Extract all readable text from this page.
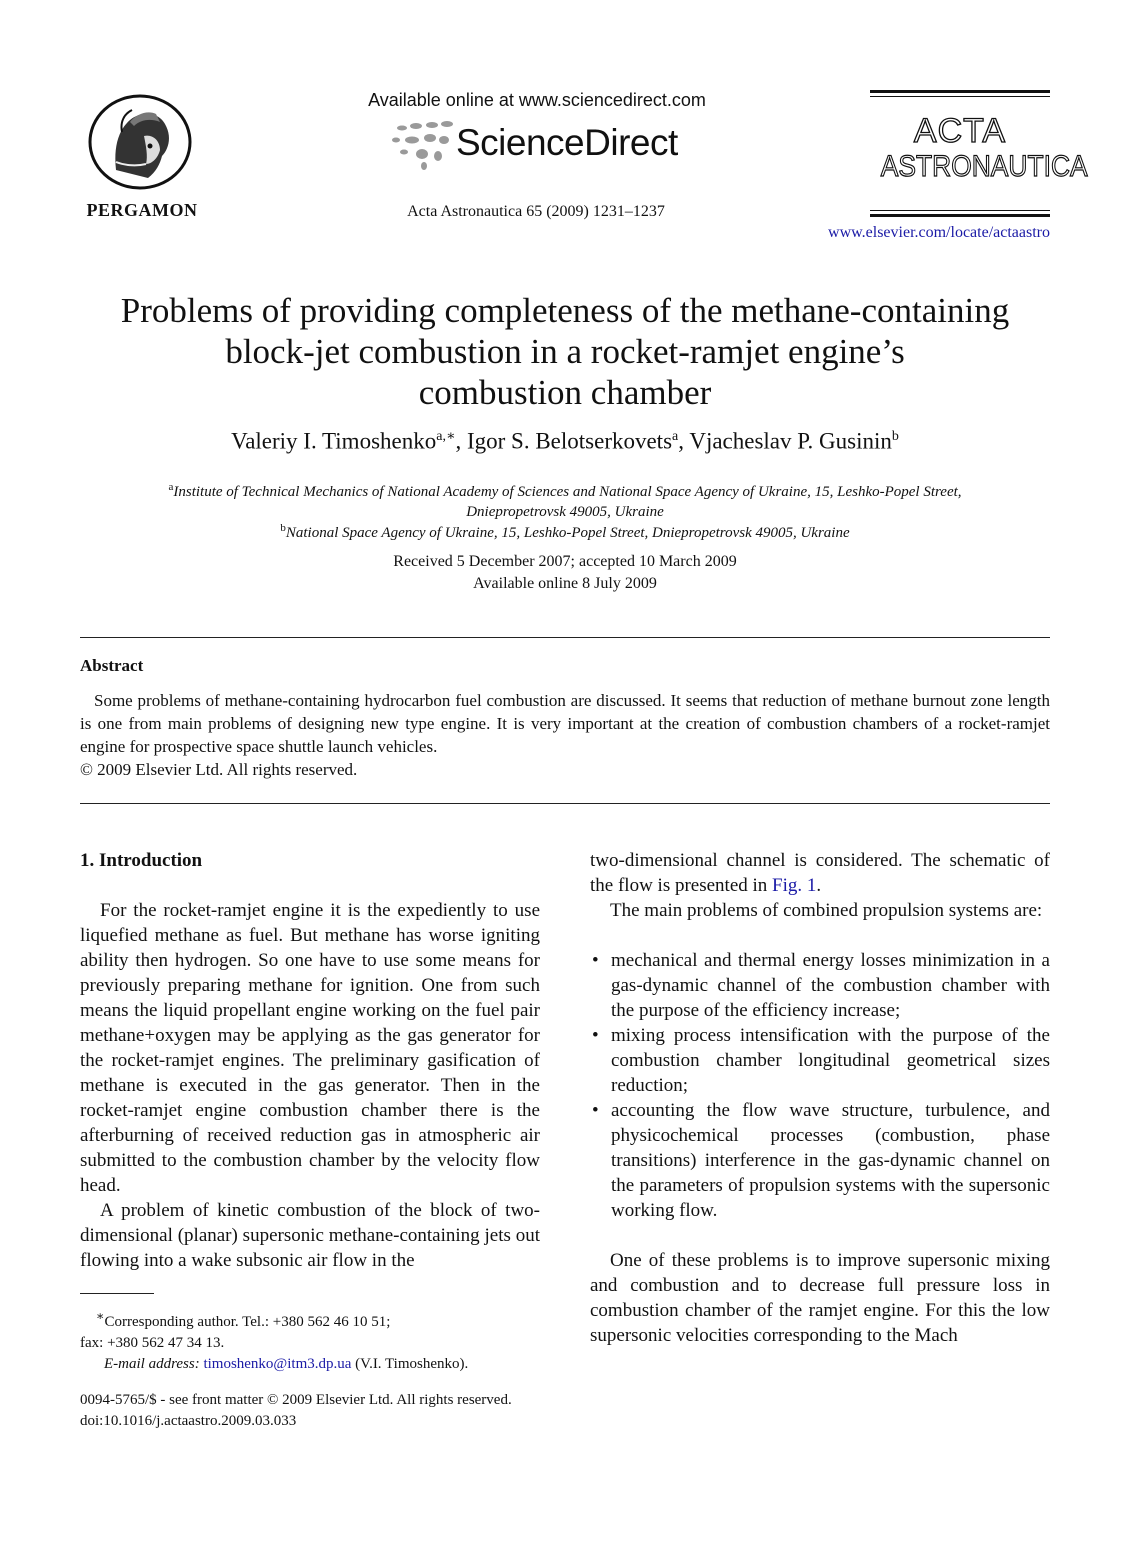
PERGAMON
Available online at www.sciencedirect.com
ScienceDirect
Acta Astronautica 65 (2009) 1231–1237
ACTA
ASTRONAUTICA
www.elsevier.com/locate/actaastro
Problems of providing completeness of the methane-containing
block-jet combustion in a rocket-ramjet engine’s
combustion chamber
Valeriy I. Timoshenko$^{a,∗}$, Igor S. Belotserkovets$^a$, Vjacheslav P. Gusinin$^b$
$^a$Institute of Technical Mechanics of National Academy of Sciences and National Space Agency of Ukraine, 15, Leshko-Popel Street,
Dniepropetrovsk 49005, Ukraine
$^b$National Space Agency of Ukraine, 15, Leshko-Popel Street, Dniepropetrovsk 49005, Ukraine
Received 5 December 2007; accepted 10 March 2009
Available online 8 July 2009
Abstract
Some problems of methane-containing hydrocarbon fuel combustion are discussed. It seems that reduction of methane burnout zone length is one from main problems of designing new type engine. It is very important at the creation of combustion chambers of a rocket-ramjet engine for prospective space shuttle launch vehicles.
© 2009 Elsevier Ltd. All rights reserved.

1. Introduction

For the rocket-ramjet engine it is the expediently to use liquefied methane as fuel. But methane has worse igniting ability then hydrogen. So one have to use some means for previously preparing methane for ignition. One from such means the liquid propellant engine working on the fuel pair methane+oxygen may be applying as the gas generator for the rocket-ramjet engines. The preliminary gasification of methane is executed in the gas generator. Then in the rocket-ramjet engine combustion chamber there is the afterburning of received reduction gas in atmospheric air submitted to the combustion chamber by the velocity flow head.

A problem of kinetic combustion of the block of two-dimensional (planar) supersonic methane-containing jets out flowing into a wake subsonic air flow in the

two-dimensional channel is considered. The schematic of the flow is presented in Fig. 1.

The main problems of combined propulsion systems are:

• mechanical and thermal energy losses minimization in a gas-dynamic channel of the combustion chamber with the purpose of the efficiency increase;
• mixing process intensification with the purpose of the combustion chamber longitudinal geometrical sizes reduction;
• accounting the flow wave structure, turbulence, and physicochemical processes (combustion, phase transitions) interference in the gas-dynamic channel on the parameters of propulsion systems with the supersonic working flow.

One of these problems is to improve supersonic mixing and combustion and to decrease full pressure loss in combustion chamber of the ramjet engine. For this the low supersonic velocities corresponding to the Mach

∗Corresponding author. Tel.: +380 562 46 10 51;
fax: +380 562 47 34 13.
E-mail address: timoshenko@itm3.dp.ua (V.I. Timoshenko).
0094-5765/$ - see front matter © 2009 Elsevier Ltd. All rights reserved.
doi:10.1016/j.actaastro.2009.03.033
